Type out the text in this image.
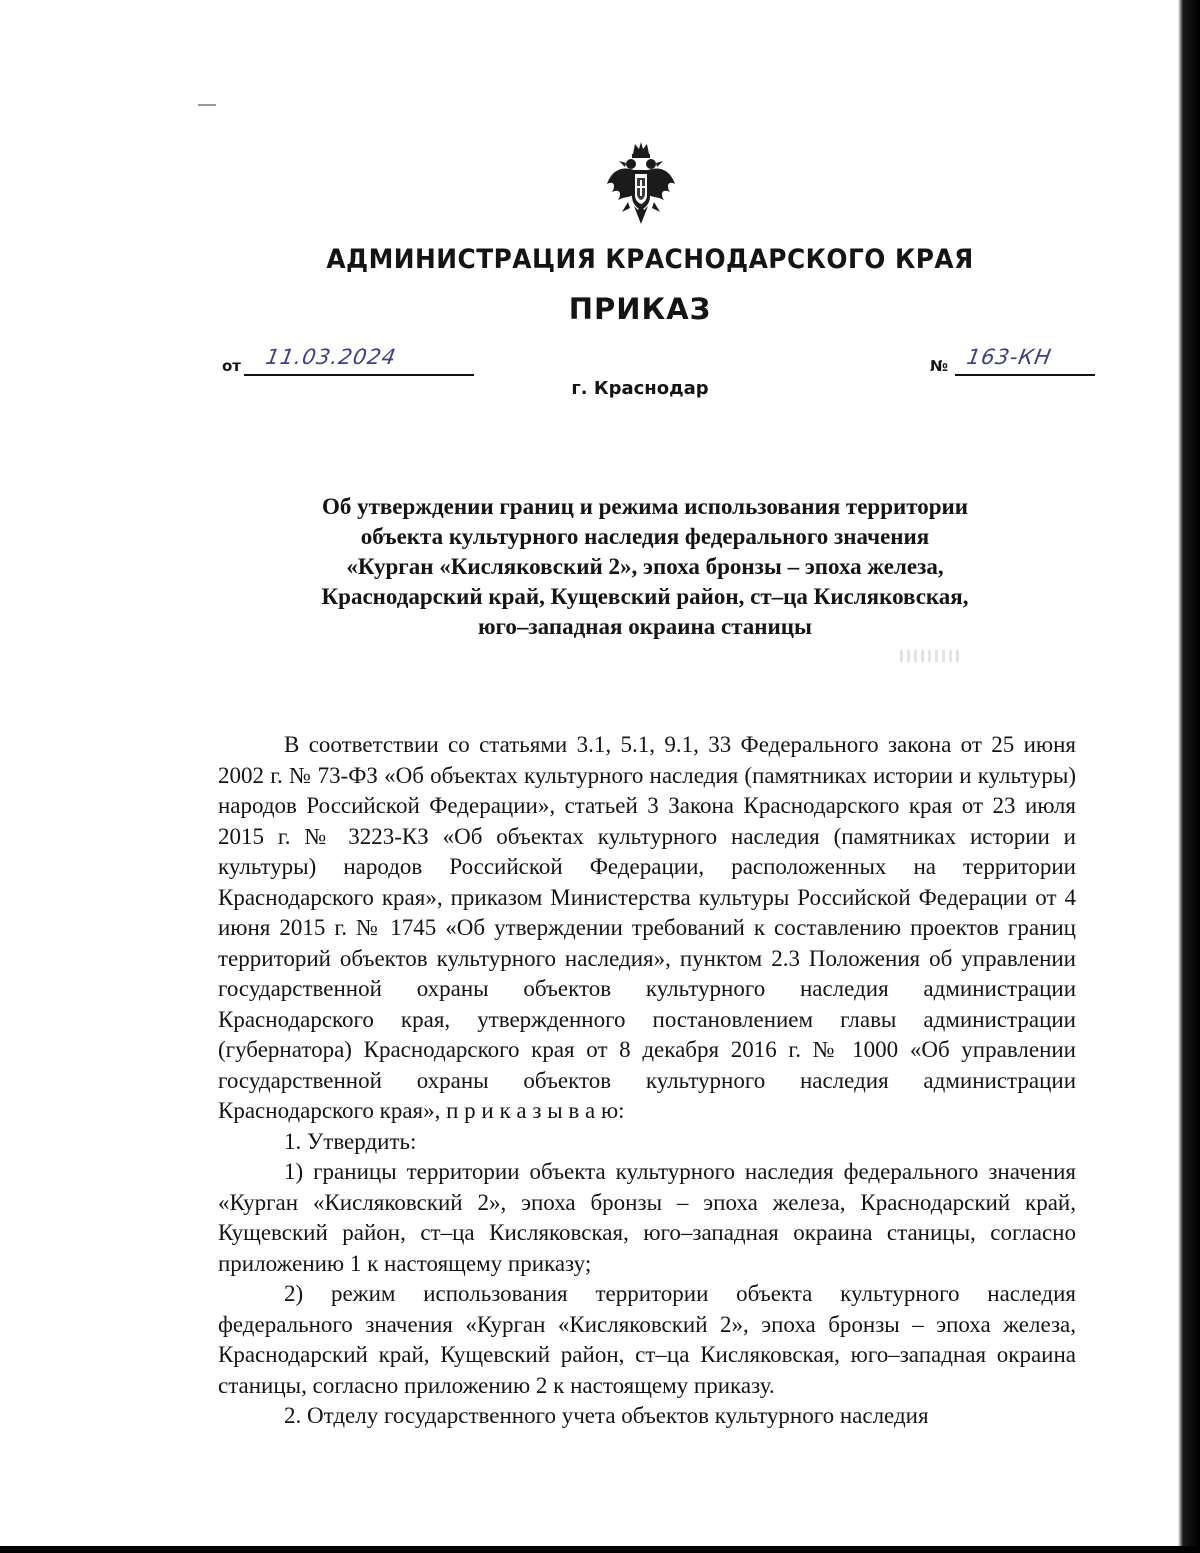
АДМИНИСТРАЦИЯ КРАСНОДАРСКОГО КРАЯ
ПРИКАЗ
от 11.03.2024	№ 163-КН
г. Краснодар
Об утверждении границ и режима использования территории
объекта культурного наследия федерального значения
«Курган «Кисляковский 2», эпоха бронзы – эпоха железа,
Краснодарский край, Кущевский район, ст–ца Кисляковская,
юго–западная окраина станицы

В соответствии со статьями 3.1, 5.1, 9.1, 33 Федерального закона от 25 июня 2002 г. № 73-ФЗ «Об объектах культурного наследия (памятниках истории и культуры) народов Российской Федерации», статьей 3 Закона Краснодарского края от 23 июля 2015 г. № 3223-КЗ «Об объектах культурного наследия (памятниках истории и культуры) народов Российской Федерации, расположенных на территории Краснодарского края», приказом Министерства культуры Российской Федерации от 4 июня 2015 г. № 1745 «Об утверждении требований к составлению проектов границ территорий объектов культурного наследия», пунктом 2.3 Положения об управлении государственной охраны объектов культурного наследия администрации Краснодарского края, утвержденного постановлением главы администрации (губернатора) Краснодарского края от 8 декабря 2016 г. № 1000 «Об управлении государственной охраны объектов культурного наследия администрации Краснодарского края», п р и к а з ы в а ю:

1. Утвердить:

1) границы территории объекта культурного наследия федерального значения «Курган «Кисляковский 2», эпоха бронзы – эпоха железа, Краснодарский край, Кущевский район, ст–ца Кисляковская, юго–западная окраина станицы, согласно приложению 1 к настоящему приказу;

2) режим использования территории объекта культурного наследия федерального значения «Курган «Кисляковский 2», эпоха бронзы – эпоха железа, Краснодарский край, Кущевский район, ст–ца Кисляковская, юго–западная окраина станицы, согласно приложению 2 к настоящему приказу.

2. Отделу государственного учета объектов культурного наследия
